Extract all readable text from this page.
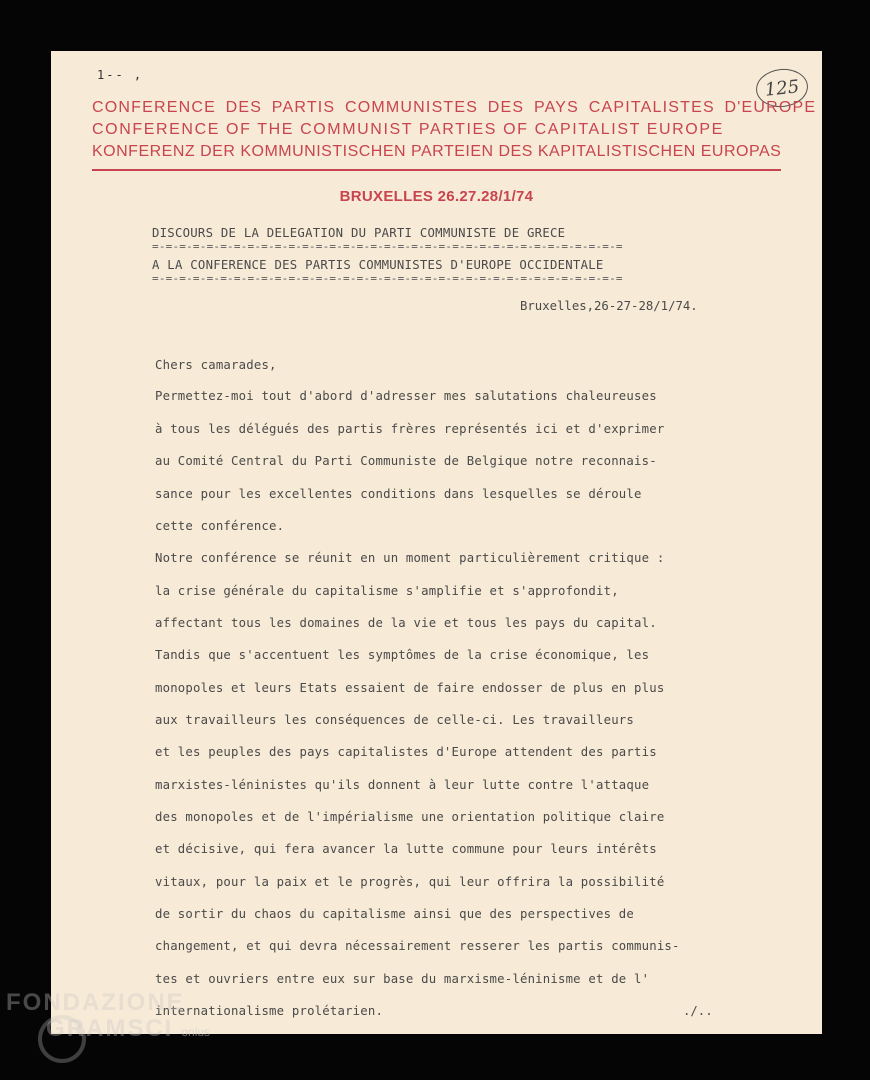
1-- ,
125
CONFERENCE DES PARTIS COMMUNISTES DES PAYS CAPITALISTES D'EUROPE
CONFERENCE OF THE COMMUNIST PARTIES OF CAPITALIST EUROPE
KONFERENZ DER KOMMUNISTISCHEN PARTEIEN DES KAPITALISTISCHEN EUROPAS
BRUXELLES 26.27.28/1/74
DISCOURS DE LA DELEGATION DU PARTI COMMUNISTE DE GRECE
=-=-=-=-=-=-=-=-=-=-=-=-=-=-=-=-=-=-=-=-=-=-=-=-=-=-=-=-=-=-=-=-=-=-=
A LA CONFERENCE DES PARTIS COMMUNISTES D'EUROPE OCCIDENTALE
=-=-=-=-=-=-=-=-=-=-=-=-=-=-=-=-=-=-=-=-=-=-=-=-=-=-=-=-=-=-=-=-=-=-=
Bruxelles,26-27-28/1/74.
Chers camarades,
Permettez-moi tout d'abord d'adresser mes salutations chaleureuses
à tous les délégués des partis frères représentés ici et d'exprimer
au Comité Central du Parti Communiste de Belgique notre reconnais-
sance pour les excellentes conditions dans lesquelles se déroule
cette conférence.
Notre conférence se réunit en un moment particulièrement critique :
la crise générale du capitalisme s'amplifie et s'approfondit,
affectant tous les domaines de la vie et tous les pays du capital.
Tandis que s'accentuent les symptômes de la crise économique, les
monopoles et leurs Etats essaient de faire endosser de plus en plus
aux travailleurs les conséquences de celle-ci. Les travailleurs
et les peuples des pays capitalistes d'Europe attendent des partis
marxistes-léninistes qu'ils donnent à leur lutte contre l'attaque
des monopoles et de l'impérialisme une orientation politique claire
et décisive, qui fera avancer la lutte commune pour leurs intérêts
vitaux, pour la paix et le progrès, qui leur offrira la possibilité
de sortir du chaos du capitalisme ainsi que des perspectives de
changement, et qui devra nécessairement resserer les partis communis-
tes et ouvriers entre eux sur base du marxisme-léninisme et de l'
internationalisme prolétarien.	./..
FONDAZIONE
GRAMSCI onlus
